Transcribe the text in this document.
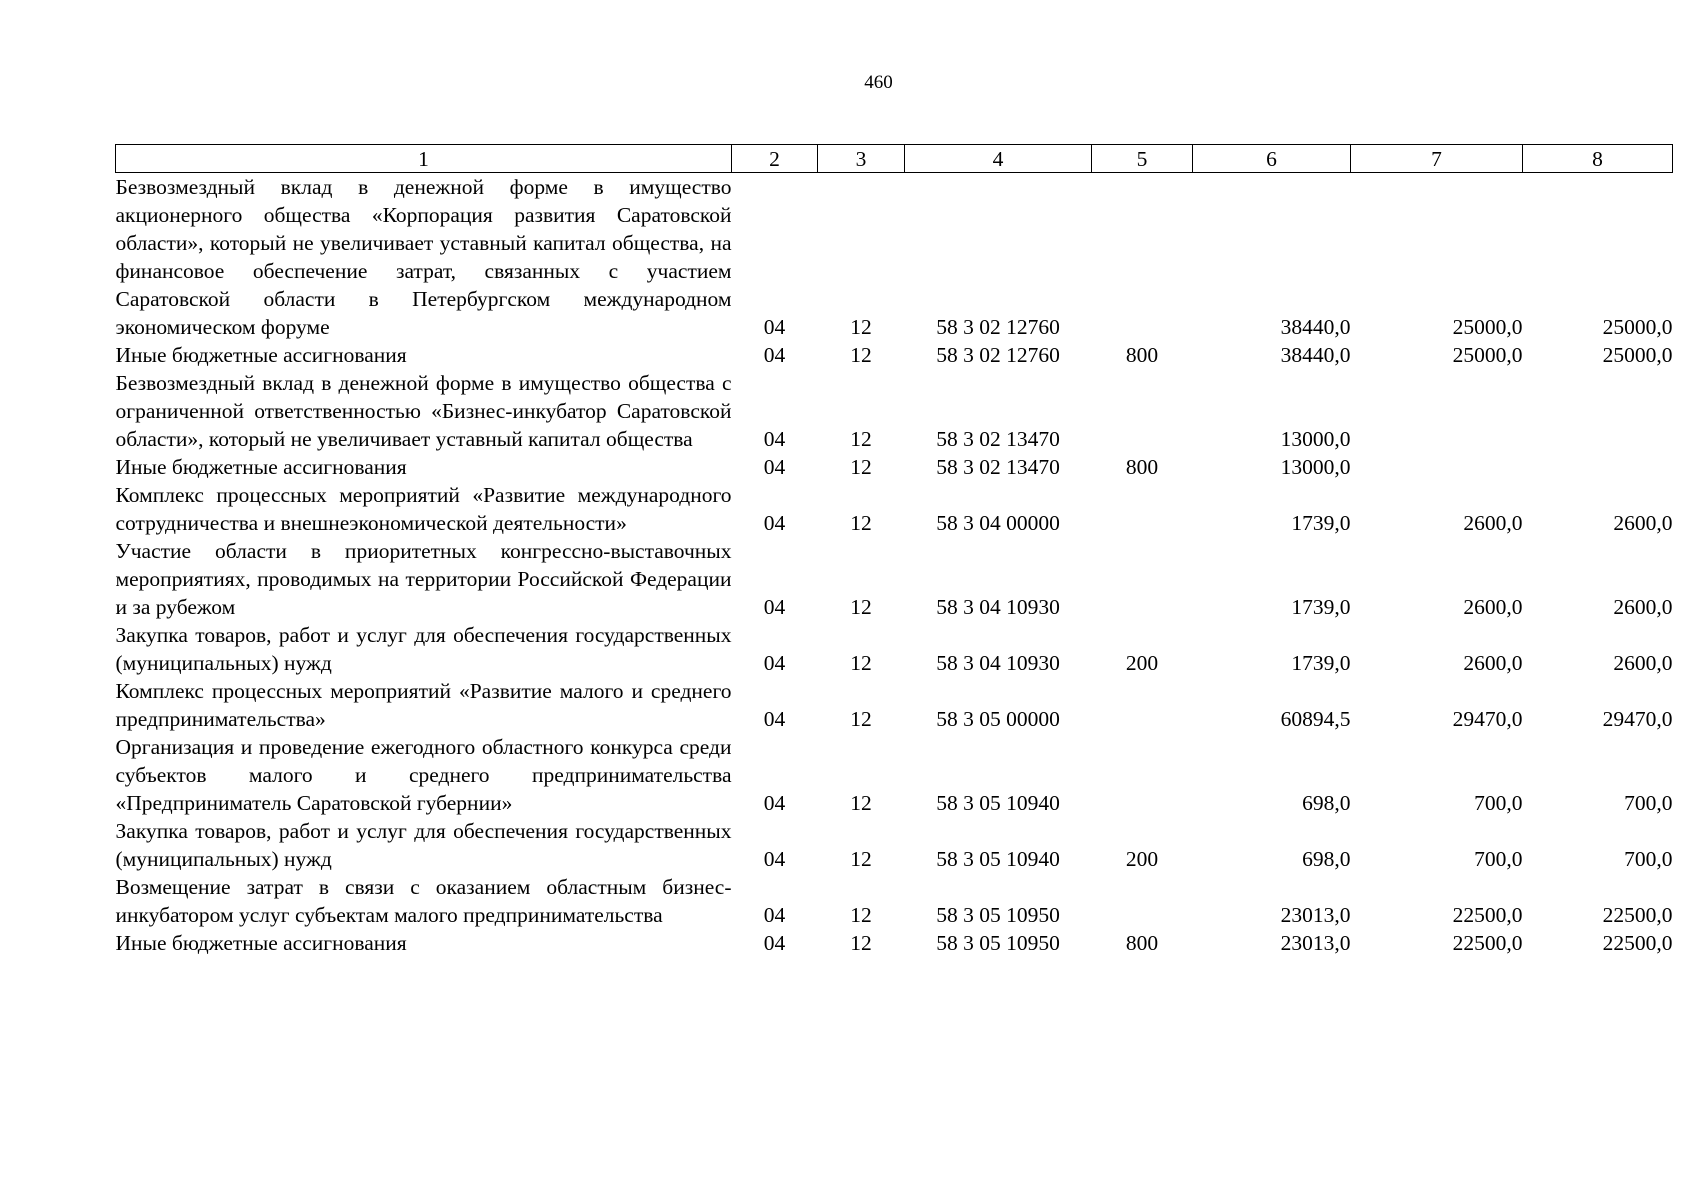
460
1	2	3	4	5	6	7	8
Безвозмездный вклад в денежной форме в имущество акционерного общества «Корпорация развития Саратовской области», который не увеличивает уставный капитал общества, на финансовое обеспечение затрат, связанных с участием Саратовской области в Петербургском международном экономическом форуме	04	12	58 3 02 12760		38440,0	25000,0	25000,0
Иные бюджетные ассигнования	04	12	58 3 02 12760	800	38440,0	25000,0	25000,0
Безвозмездный вклад в денежной форме в имущество общества с ограниченной ответственностью «Бизнес-инкубатор Саратовской области», который не увеличивает уставный капитал общества	04	12	58 3 02 13470		13000,0		
Иные бюджетные ассигнования	04	12	58 3 02 13470	800	13000,0		
Комплекс процессных мероприятий «Развитие международного сотрудничества и внешнеэкономической деятельности»	04	12	58 3 04 00000		1739,0	2600,0	2600,0
Участие области в приоритетных конгрессно-выставочных мероприятиях, проводимых на территории Российской Федерации и за рубежом	04	12	58 3 04 10930		1739,0	2600,0	2600,0
Закупка товаров, работ и услуг для обеспечения государственных (муниципальных) нужд	04	12	58 3 04 10930	200	1739,0	2600,0	2600,0
Комплекс процессных мероприятий «Развитие малого и среднего предпринимательства»	04	12	58 3 05 00000		60894,5	29470,0	29470,0
Организация и проведение ежегодного областного конкурса среди субъектов малого и среднего предпринимательства «Предприниматель Саратовской губернии»	04	12	58 3 05 10940		698,0	700,0	700,0
Закупка товаров, работ и услуг для обеспечения государственных (муниципальных) нужд	04	12	58 3 05 10940	200	698,0	700,0	700,0
Возмещение затрат в связи с оказанием областным бизнес-инкубатором услуг субъектам малого предпринимательства	04	12	58 3 05 10950		23013,0	22500,0	22500,0
Иные бюджетные ассигнования	04	12	58 3 05 10950	800	23013,0	22500,0	22500,0
